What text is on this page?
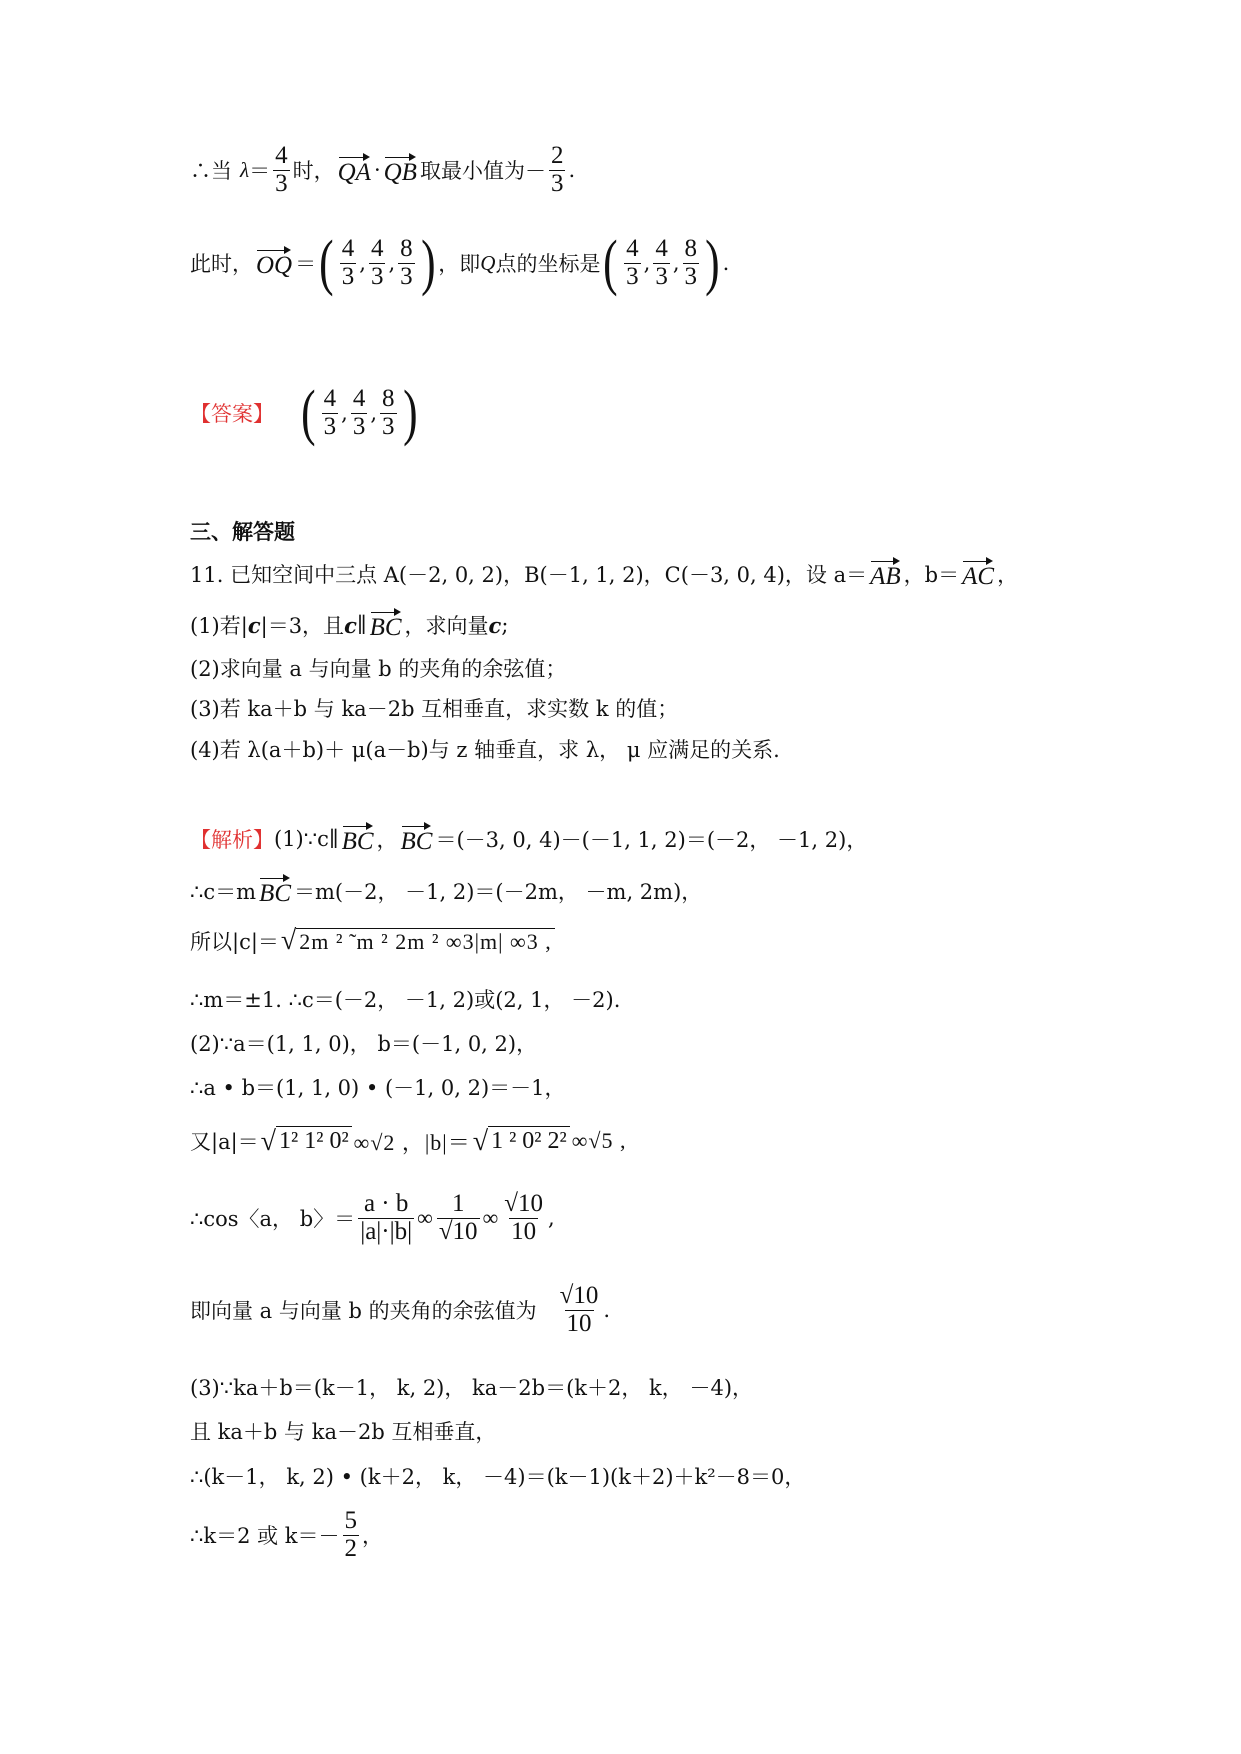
∴当 $\lambda = \frac{4}{3}$ 时， QA · QB 取最小值为－ $\frac{2}{3}$ .
此时， OQ ＝ ( $\frac{4}{3}$ , $\frac{4}{3}$ , $\frac{8}{3}$ ) ，即 Q 点的坐标是 ( $\frac{4}{3}$ , $\frac{4}{3}$ , $\frac{8}{3}$ ) .
【答案】 ( $\frac{4}{3}$ , $\frac{4}{3}$ , $\frac{8}{3}$ )
三、解答题
11. 已知空间中三点 A(－2, 0, 2)，B(－1, 1, 2)，C(－3, 0, 4)，设 a＝ AB ，b＝ AC ，
(1)若| c |＝3，且 c ∥ BC ，求向量 c ;
(2)求向量 a 与向量 b 的夹角的余弦值；
(3)若 ka＋b 与 ka－2b 互相垂直，求实数 k 的值；
(4)若 λ(a＋b)＋ μ(a－b)与 z 轴垂直，求 λ， μ 应满足的关系.
【解析】 (1)∵c∥ BC ， BC ＝(－3, 0, 4)－(－1, 1, 2)＝(－2， －1, 2)，
∴c＝m BC ＝m(－2， －1, 2)＝(－2m， －m, 2m)，
所以|c|＝ √ 2m ² ̃ m ² 2m ² ∞3|m| ∞3 ,
∴m＝±1. ∴c＝(－2， －1, 2)或(2, 1， －2).
(2)∵a＝(1, 1, 0)， b＝(－1, 0, 2)，
∴a • b＝(1, 1, 0) • (－1, 0, 2)＝－1，
又|a|＝ √ 1² 1² 0² ∞√2 ，|b|＝ √ 1 ² 0² 2² ∞√5 ,
∴cos〈a， b〉＝ $\frac{a \cdot b}{|a|\cdot|b|}$ ∞ $\frac{1}{√10}$ ∞ $\frac{√10}{10}$ ,
即向量 a 与向量 b 的夹角的余弦值为 $\frac{√10}{10}$ .
(3)∵ka＋b＝(k－1， k, 2)， ka－2b＝(k＋2， k， －4)，
且 ka＋b 与 ka－2b 互相垂直，
∴(k－1， k, 2) • (k＋2， k， －4)＝(k－1)(k＋2)＋k²－8＝0，
∴k＝2 或 $k=- \frac{5}{2}$ ，
